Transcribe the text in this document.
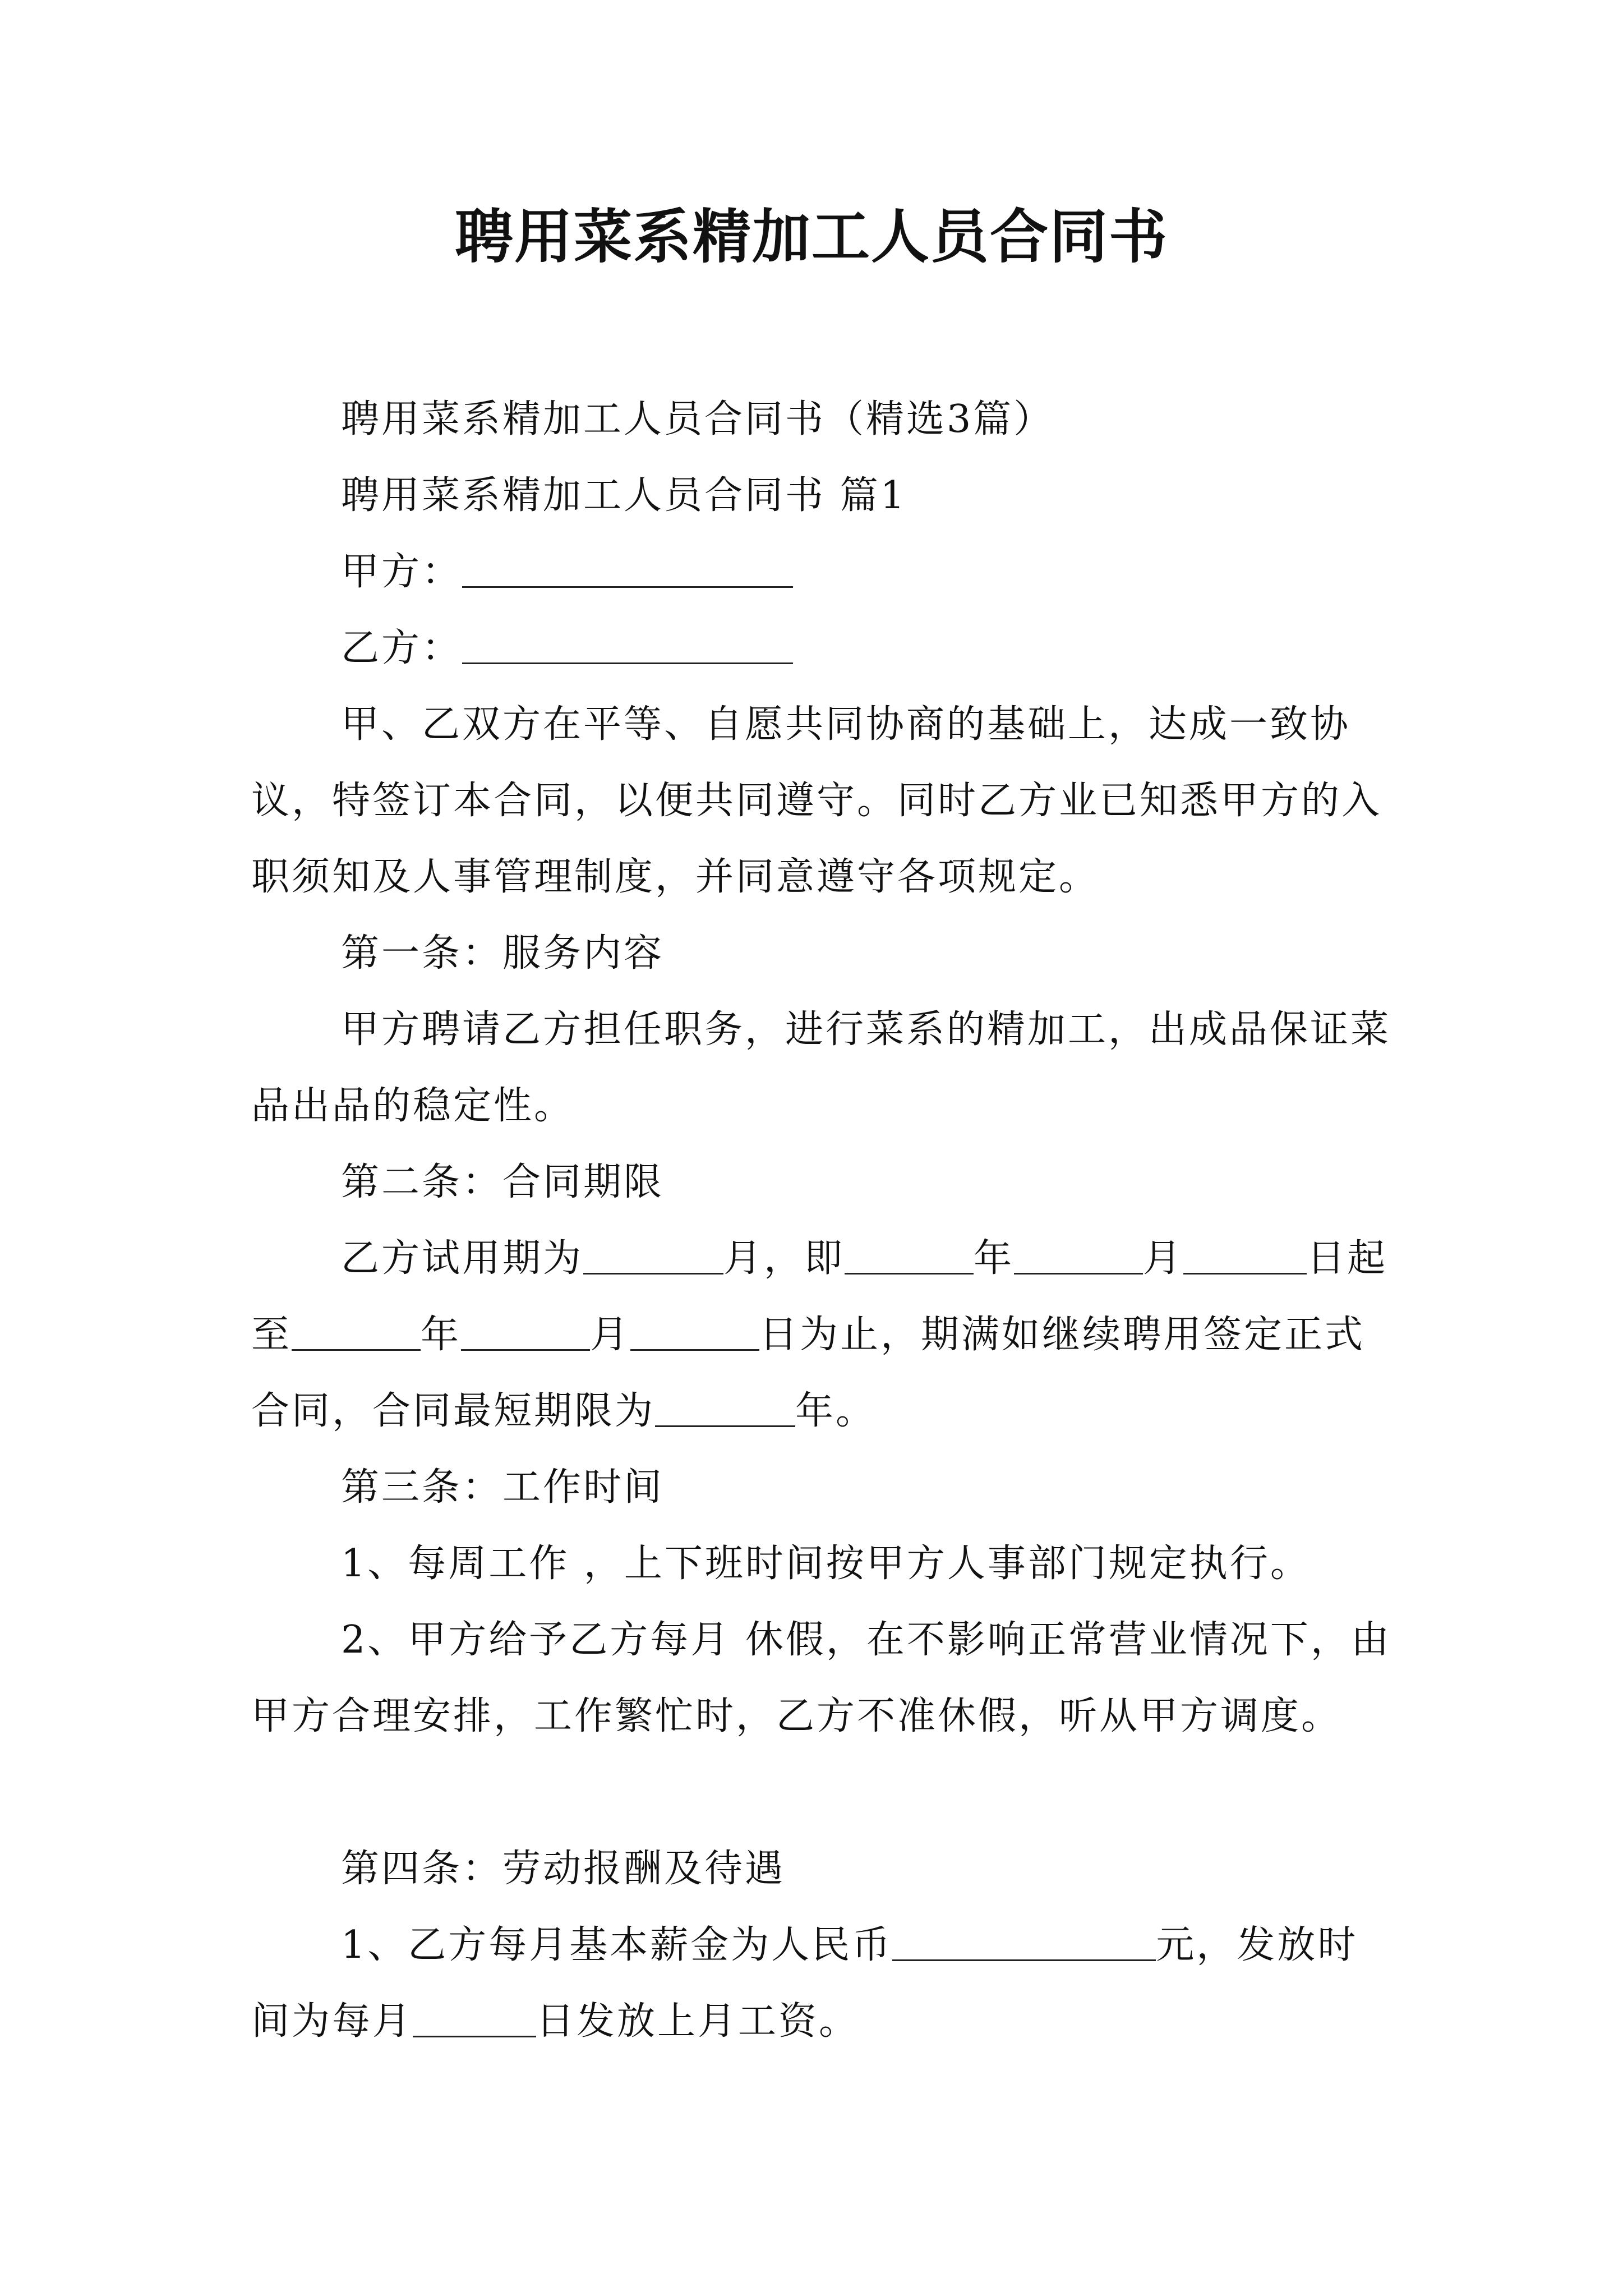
聘用菜系精加工人员合同书

聘用菜系精加工人员合同书（精选3篇）

聘用菜系精加工人员合同书 篇1

甲方：

乙方：

甲、乙双方在平等、自愿共同协商的基础上，达成一致协议，特签订本合同，以便共同遵守。同时乙方业已知悉甲方的入职须知及人事管理制度，并同意遵守各项规定。

第一条：服务内容

甲方聘请乙方担任职务，进行菜系的精加工，出成品保证菜品出品的稳定性。

第二条：合同期限

乙方试用期为	月，即	年	月	日起至	年	月	日为止，期满如继续聘用签定正式合同，合同最短期限为	年。

第三条：工作时间

1、每周工作 ，上下班时间按甲方人事部门规定执行。

2、甲方给予乙方每月 休假，在不影响正常营业情况下，由甲方合理安排，工作繁忙时，乙方不准休假，听从甲方调度。

第四条：劳动报酬及待遇

1、乙方每月基本薪金为人民币	元，发放时间为每月	日发放上月工资。
